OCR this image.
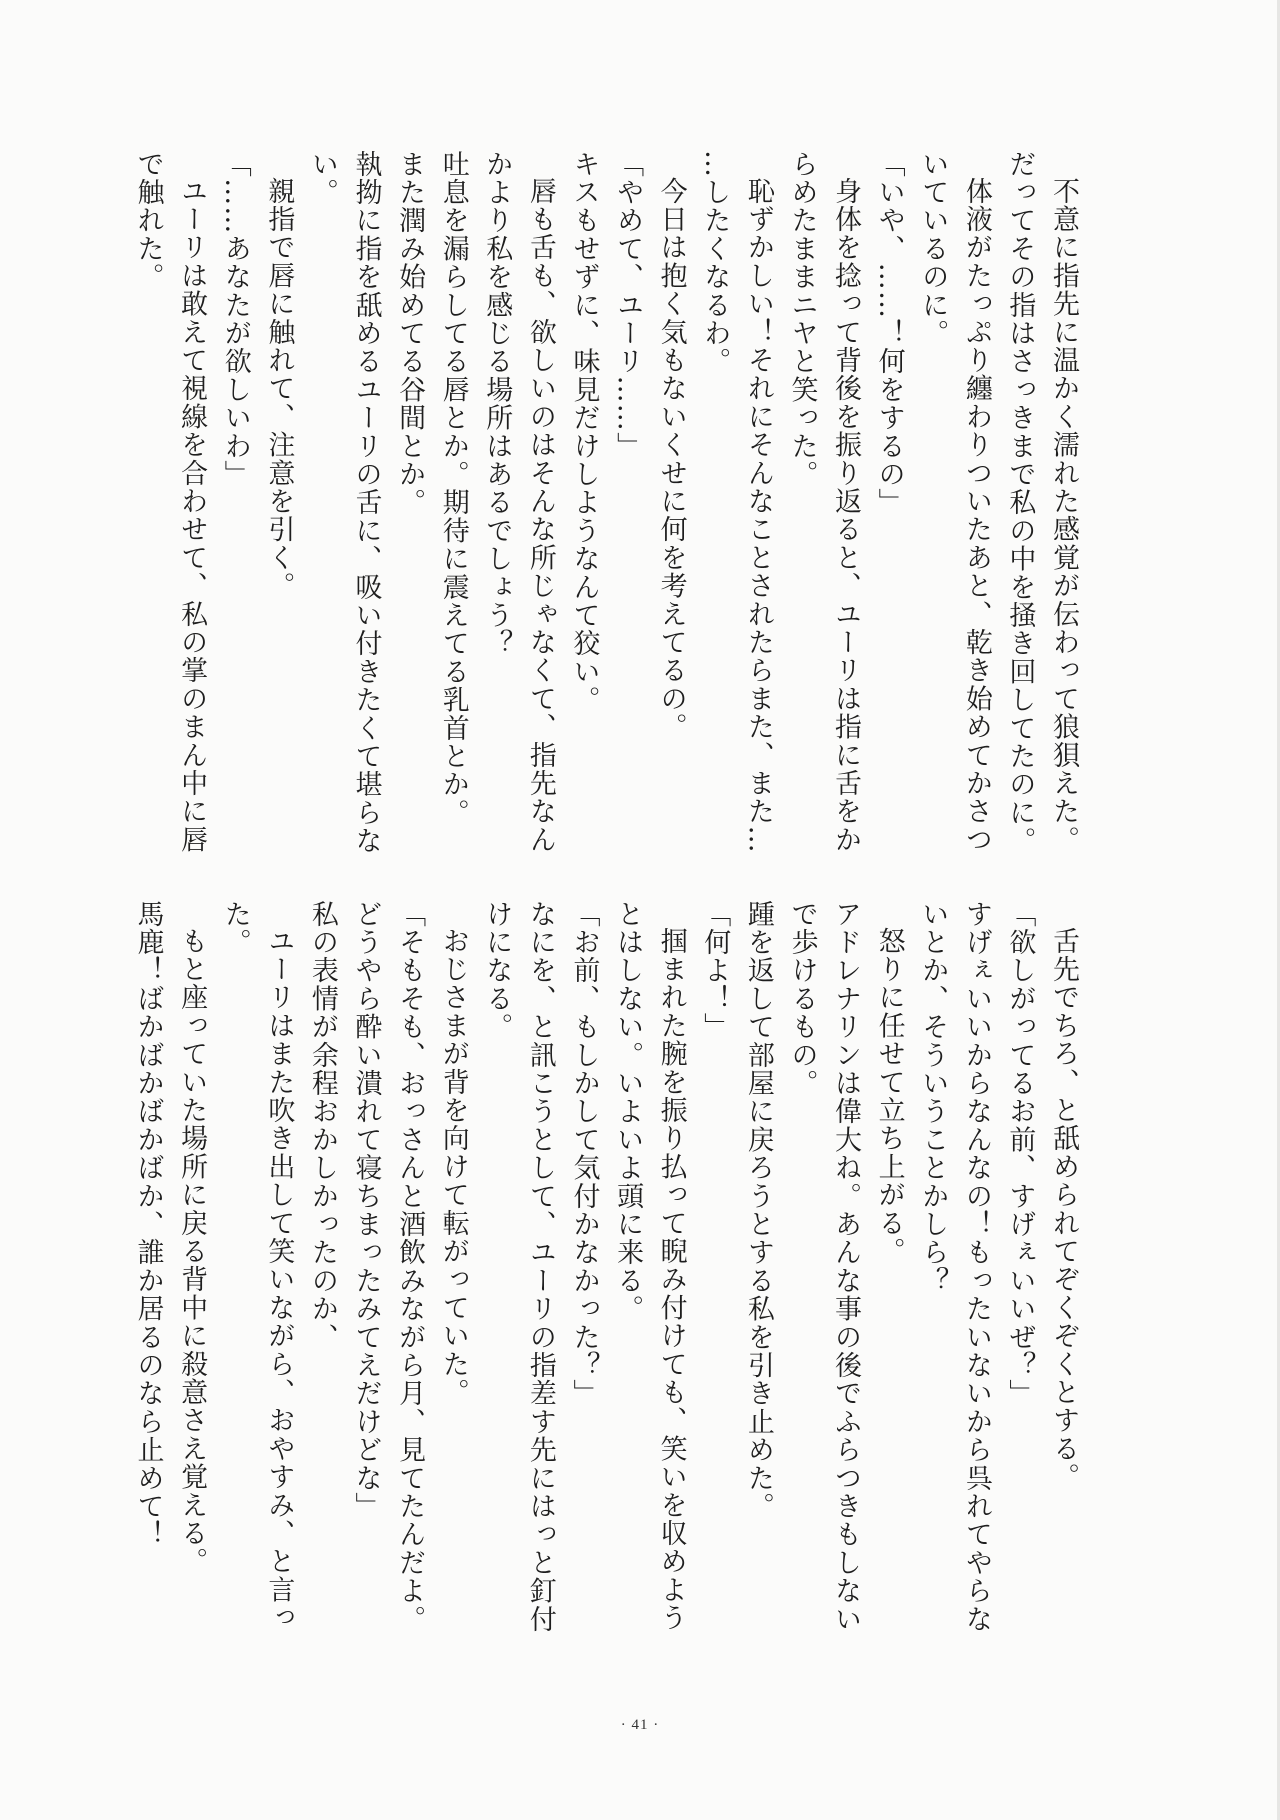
不意に指先に温かく濡れた感覚が伝わって狼狽えた。

だってその指はさっきまで私の中を掻き回してたのに。

体液がたっぷり纏わりついたあと、乾き始めてかさついているのに。

「いや、……！何をするの」

身体を捻って背後を振り返ると、ユーリは指に舌をからめたままニヤと笑った。

恥ずかしい！それにそんなことされたらまた、また……したくなるわ。

今日は抱く気もないくせに何を考えてるの。

「やめて、ユーリ……」

キスもせずに、味見だけしようなんて狡い。

唇も舌も、欲しいのはそんな所じゃなくて、指先なんかより私を感じる場所はあるでしょう？

吐息を漏らしてる唇とか。期待に震えてる乳首とか。

また潤み始めてる谷間とか。

執拗に指を舐めるユーリの舌に、吸い付きたくて堪らない。

親指で唇に触れて、注意を引く。

「……あなたが欲しいわ」

ユーリは敢えて視線を合わせて、私の掌のまん中に唇で触れた。

舌先でちろ、と舐められてぞくぞくとする。

「欲しがってるお前、すげぇいいぜ？」

すげぇいいからなんなの！もったいないから呉れてやらないとか、そういうことかしら？

怒りに任せて立ち上がる。

アドレナリンは偉大ね。あんな事の後でふらつきもしないで歩けるもの。

踵を返して部屋に戻ろうとする私を引き止めた。

「何よ！」

掴まれた腕を振り払って睨み付けても、笑いを収めようとはしない。いよいよ頭に来る。

「お前、もしかして気付かなかった？」

なにを、と訊こうとして、ユーリの指差す先にはっと釘付けになる。

おじさまが背を向けて転がっていた。

「そもそも、おっさんと酒飲みながら月、見てたんだよ。

どうやら酔い潰れて寝ちまったみてえだけどな」

私の表情が余程おかしかったのか、

ユーリはまた吹き出して笑いながら、おやすみ、と言った。

もと座っていた場所に戻る背中に殺意さえ覚える。

馬鹿！ばかばかばかばか、誰か居るのなら止めて！

· 41 ·
